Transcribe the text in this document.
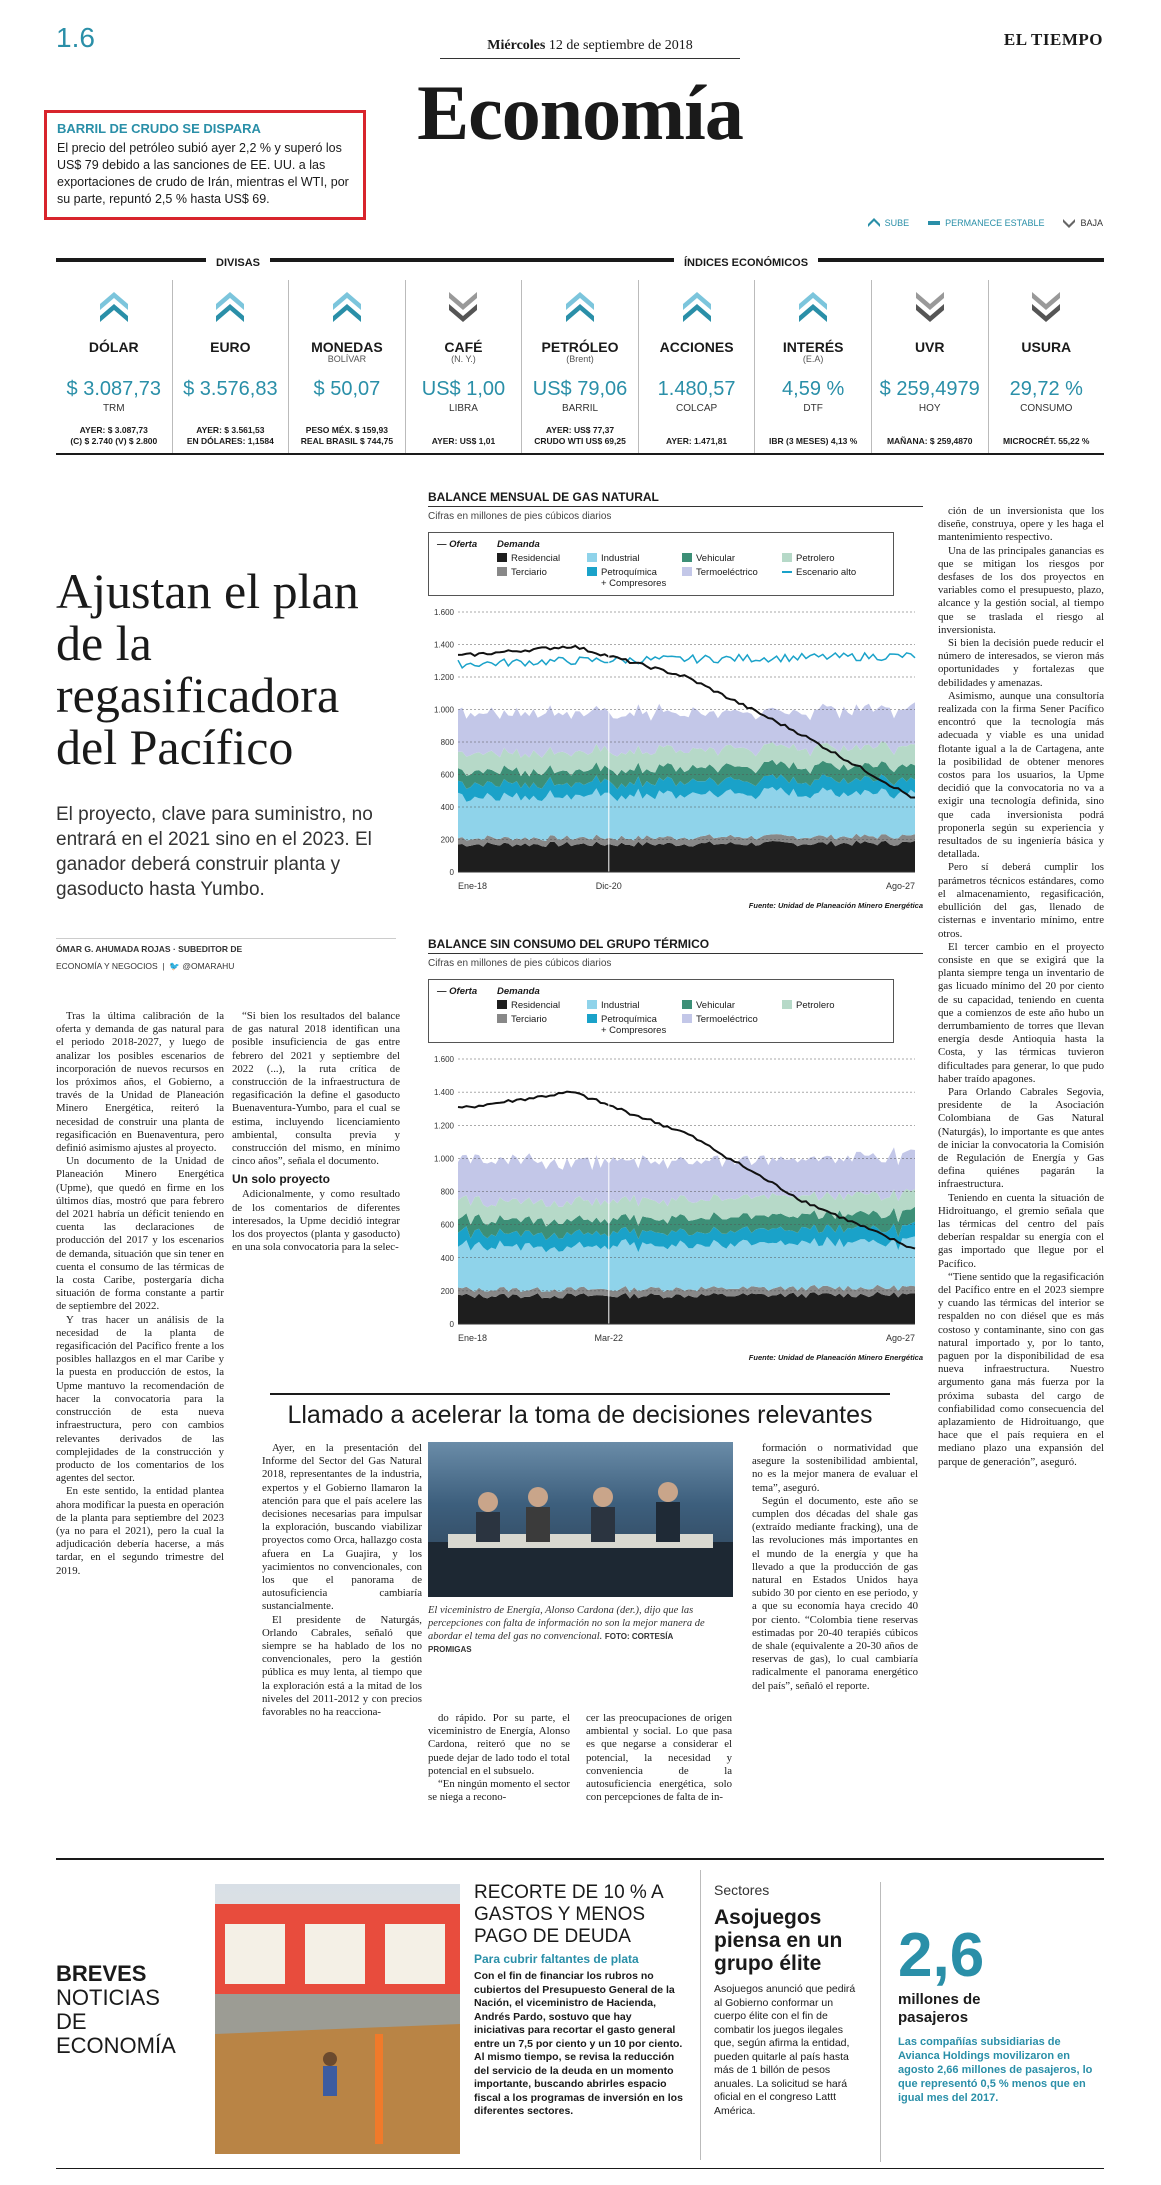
1.6	Miércoles 12 de septiembre de 2018	EL TIEMPO
Economía
BARRIL DE CRUDO SE DISPARA
El precio del petróleo subió ayer 2,2 % y superó los US$ 79 debido a las sanciones de EE. UU. a las exportaciones de crudo de Irán, mientras el WTI, por su parte, repuntó 2,5 % hasta US$ 69.
SUBE	PERMANECE ESTABLE	BAJA
DIVISAS	ÍNDICES ECONÓMICOS
DÓLAR
$ 3.087,73
TRM
AYER: $ 3.087,73
(C) $ 2.740 (V) $ 2.800
EURO
$ 3.576,83
AYER: $ 3.561,53
EN DÓLARES: 1,1584
MONEDAS
BOLÍVAR
$ 50,07
PESO MÉX. $ 159,93
REAL BRASIL $ 744,75
CAFÉ
(N. Y.)
US$ 1,00
LIBRA
AYER: US$ 1,01
PETRÓLEO
(Brent)
US$ 79,06
BARRIL
AYER: US$ 77,37
CRUDO WTI US$ 69,25
ACCIONES
1.480,57
COLCAP
AYER: 1.471,81
INTERÉS
(E.A)
4,59 %
DTF
IBR (3 MESES) 4,13 %
UVR
$ 259,4979
HOY
MAÑANA: $ 259,4870
USURA
29,72 %
CONSUMO
MICROCRÉT. 55,22 %
Ajustan el plan de la regasificadora del Pacífico
El proyecto, clave para suministro, no entrará en el 2021 sino en el 2023. El ganador deberá construir planta y gasoducto hasta Yumbo.
ÓMAR G. AHUMADA ROJAS · SUBEDITOR DE
ECONOMÍA Y NEGOCIOS  |  🐦 @OMARAHU

Tras la última calibración de la oferta y demanda de gas natural para el periodo 2018-2027, y luego de analizar los posibles escenarios de incorporación de nuevos recursos en los próximos años, el Gobierno, a través de la Unidad de Planeación Minero Energética, reiteró la necesidad de construir una planta de regasificación en Buenaventura, pero definió asimismo ajustes al proyecto.

Un documento de la Unidad de Planeación Minero Energética (Upme), que quedó en firme en los últimos días, mostró que para febrero del 2021 habría un déficit teniendo en cuenta las declaraciones de producción del 2017 y los escenarios de demanda, situación que sin tener en cuenta el consumo de las térmicas de la costa Caribe, postergaría dicha situación de forma constante a partir de septiembre del 2022.

Y tras hacer un análisis de la necesidad de la planta de regasificación del Pacífico frente a los posibles hallazgos en el mar Caribe y la puesta en producción de estos, la Upme mantuvo la recomendación de hacer la convocatoria para la construcción de esta nueva infraestructura, pero con cambios relevantes derivados de las complejidades de la construcción y producto de los comentarios de los agentes del sector.

En este sentido, la entidad plantea ahora modificar la puesta en operación de la planta para septiembre del 2023 (ya no para el 2021), pero la cual la adjudicación debería hacerse, a más tardar, en el segundo trimestre del 2019.

“Si bien los resultados del balance de gas natural 2018 identifican una posible insuficiencia de gas entre febrero del 2021 y septiembre del 2022 (...), la ruta crítica de construcción de la infraestructura de regasificación la define el gasoducto Buenaventura-Yumbo, para el cual se estima, incluyendo licenciamiento ambiental, consulta previa y construcción del mismo, en mínimo cinco años”, señala el documento.

Un solo proyecto

Adicionalmente, y como resultado de los comentarios de diferentes interesados, la Upme decidió integrar los dos proyectos (planta y gasoducto) en una sola convocatoria para la selec-

ción de un inversionista que los diseñe, construya, opere y les haga el mantenimiento respectivo.

Una de las principales ganancias es que se mitigan los riesgos por desfases de los dos proyectos en variables como el presupuesto, plazo, alcance y la gestión social, al tiempo que se traslada el riesgo al inversionista.

Si bien la decisión puede reducir el número de interesados, se vieron más oportunidades y fortalezas que debilidades y amenazas.

Asimismo, aunque una consultoría realizada con la firma Sener Pacífico encontró que la tecnología más adecuada y viable es una unidad flotante igual a la de Cartagena, ante la posibilidad de obtener menores costos para los usuarios, la Upme decidió que la convocatoria no va a exigir una tecnología definida, sino que cada inversionista podrá proponerla según su experiencia y resultados de su ingeniería básica y detallada.

Pero sí deberá cumplir los parámetros técnicos estándares, como el almacenamiento, regasificación, ebullición del gas, llenado de cisternas e inventario mínimo, entre otros.

El tercer cambio en el proyecto consiste en que se exigirá que la planta siempre tenga un inventario de gas licuado mínimo del 20 por ciento de su capacidad, teniendo en cuenta que a comienzos de este año hubo un derrumbamiento de torres que llevan energía desde Antioquia hasta la Costa, y las térmicas tuvieron dificultades para generar, lo que pudo haber traído apagones.

Para Orlando Cabrales Segovia, presidente de la Asociación Colombiana de Gas Natural (Naturgás), lo importante es que antes de iniciar la convocatoria la Comisión de Regulación de Energía y Gas defina quiénes pagarán la infraestructura.

Teniendo en cuenta la situación de Hidroituango, el gremio señala que las térmicas del centro del país deberían respaldar su energía con el gas importado que llegue por el Pacífico.

“Tiene sentido que la regasificación del Pacífico entre en el 2023 siempre y cuando las térmicas del interior se respalden no con diésel que es más costoso y contaminante, sino con gas natural importado y, por lo tanto, paguen por la disponibilidad de esa nueva infraestructura. Nuestro argumento gana más fuerza por la próxima subasta del cargo de confiabilidad como consecuencia del aplazamiento de Hidroituango, que hace que el país requiera en el mediano plazo una expansión del parque de generación”, aseguró.

BALANCE MENSUAL DE GAS NATURAL
Cifras en millones de pies cúbicos diarios
— Oferta	Demanda
Residencial	Industrial	Vehicular	Petrolero
Terciario	Petroquímica
+ Compresores
Termoeléctrico	Escenario alto
0
200
400
600
800
1.000
1.200
1.400
1.600
Ene-18	Dic-20	Ago-27
Fuente: Unidad de Planeación Minero Energética
BALANCE SIN CONSUMO DEL GRUPO TÉRMICO
Cifras en millones de pies cúbicos diarios
— Oferta	Demanda
Residencial	Industrial	Vehicular	Petrolero
Terciario	Petroquímica
+ Compresores
Termoeléctrico
0
200
400
600
800
1.000
1.200
1.400
1.600
Ene-18	Mar-22	Ago-27
Fuente: Unidad de Planeación Minero Energética
Llamado a acelerar la toma de decisiones relevantes

Ayer, en la presentación del Informe del Sector del Gas Natural 2018, representantes de la industria, expertos y el Gobierno llamaron la atención para que el país acelere las decisiones necesarias para impulsar la exploración, buscando viabilizar proyectos como Orca, hallazgo costa afuera en La Guajira, y los yacimientos no convencionales, con los que el panorama de autosuficiencia cambiaría sustancialmente.

El presidente de Naturgás, Orlando Cabrales, señaló que siempre se ha hablado de los no convencionales, pero la gestión pública es muy lenta, al tiempo que la exploración está a la mitad de los niveles del 2011-2012 y con precios favorables no ha reacciona-

El viceministro de Energía, Alonso Cardona (der.), dijo que las percepciones con falta de información no son la mejor manera de abordar el tema del gas no convencional. FOTO: CORTESÍA PROMIGAS

do rápido. Por su parte, el viceministro de Energía, Alonso Cardona, reiteró que no se puede dejar de lado todo el total potencial en el subsuelo.

“En ningún momento el sector se niega a recono-

cer las preocupaciones de origen ambiental y social. Lo que pasa es que negarse a considerar el potencial, la necesidad y conveniencia de la autosuficiencia energética, solo con percepciones de falta de in-

formación o normatividad que asegure la sostenibilidad ambiental, no es la mejor manera de evaluar el tema”, aseguró.

Según el documento, este año se cumplen dos décadas del shale gas (extraído mediante fracking), una de las revoluciones más importantes en el mundo de la energía y que ha llevado a que la producción de gas natural en Estados Unidos haya subido 30 por ciento en ese periodo, y a que su economía haya crecido 40 por ciento. “Colombia tiene reservas estimadas por 20-40 terapiés cúbicos de shale (equivalente a 20-30 años de reservas de gas), lo cual cambiaría radicalmente el panorama energético del país”, señaló el reporte.

BREVES
NOTICIAS DE ECONOMÍA
RECORTE DE 10 % A GASTOS Y MENOS PAGO DE DEUDA
Para cubrir faltantes de plata

Con el fin de financiar los rubros no cubiertos del Presupuesto General de la Nación, el viceministro de Hacienda, Andrés Pardo, sostuvo que hay iniciativas para recortar el gasto general entre un 7,5 por ciento y un 10 por ciento.

Al mismo tiempo, se revisa la reducción del servicio de la deuda en un momento importante, buscando abrirles espacio fiscal a los programas de inversión en los diferentes sectores.

Sectores
Asojuegos piensa en un grupo élite
Asojuegos anunció que pedirá al Gobierno conformar un cuerpo élite con el fin de combatir los juegos ilegales que, según afirma la entidad, pueden quitarle al país hasta más de 1 billón de pesos anuales. La solicitud se hará oficial en el congreso Lattt América.
2,6
millones de pasajeros
Las compañías subsidiarias de Avianca Holdings movilizaron en agosto 2,66 millones de pasajeros, lo que representó 0,5 % menos que en igual mes del 2017.
